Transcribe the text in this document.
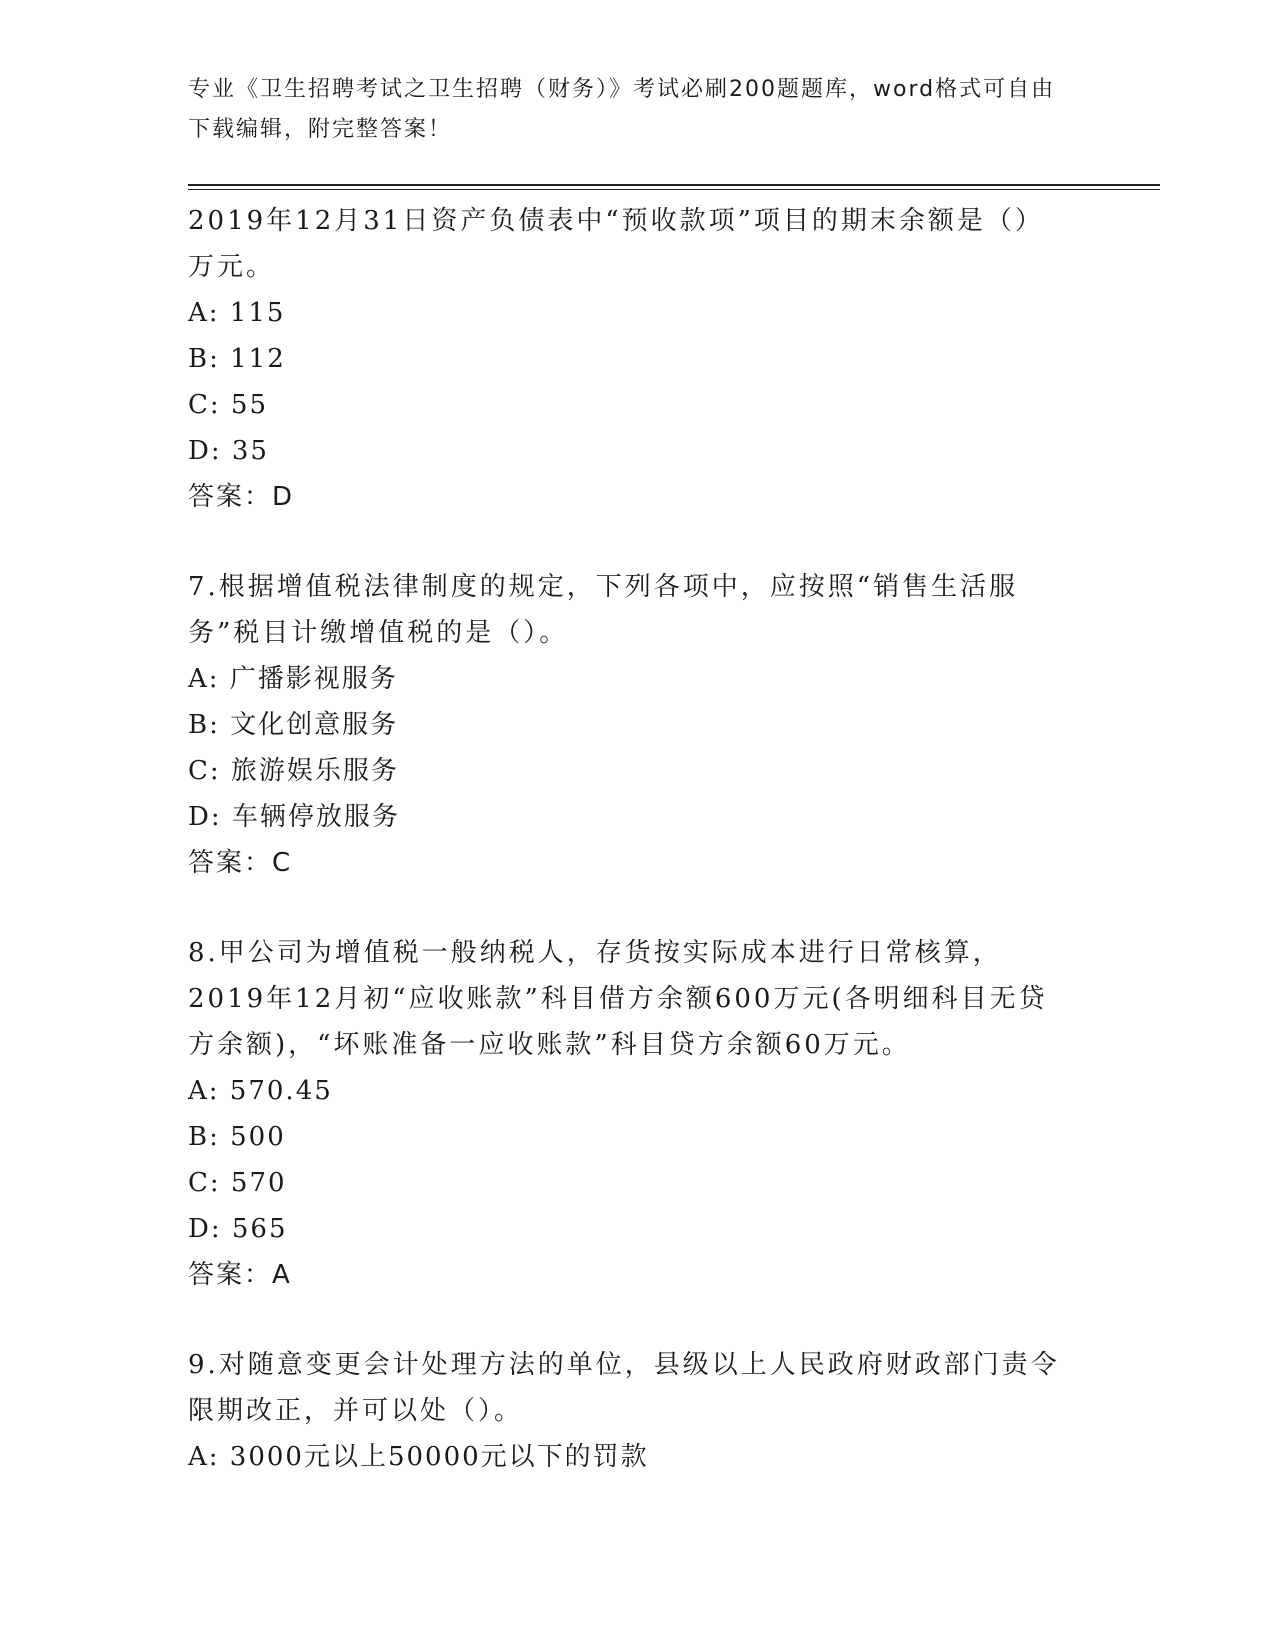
专业《卫生招聘考试之卫生招聘（财务）》考试必刷200题题库，word格式可自由下载编辑，附完整答案！

2019年12月31日资产负债表中“预收款项”项目的期末余额是（）万元。

A: 115

B: 112

C: 55

D: 35

答案：D

7.根据增值税法律制度的规定，下列各项中，应按照“销售生活服务”税目计缴增值税的是（）。

A: 广播影视服务

B: 文化创意服务

C: 旅游娱乐服务

D: 车辆停放服务

答案：C

8.甲公司为增值税一般纳税人，存货按实际成本进行日常核算，2019年12月初“应收账款”科目借方余额600万元(各明细科目无贷方余额)，“坏账准备一应收账款”科目贷方余额60万元。

A: 570.45

B: 500

C: 570

D: 565

答案：A

9.对随意变更会计处理方法的单位，县级以上人民政府财政部门责令限期改正，并可以处（）。

A: 3000元以上50000元以下的罚款
